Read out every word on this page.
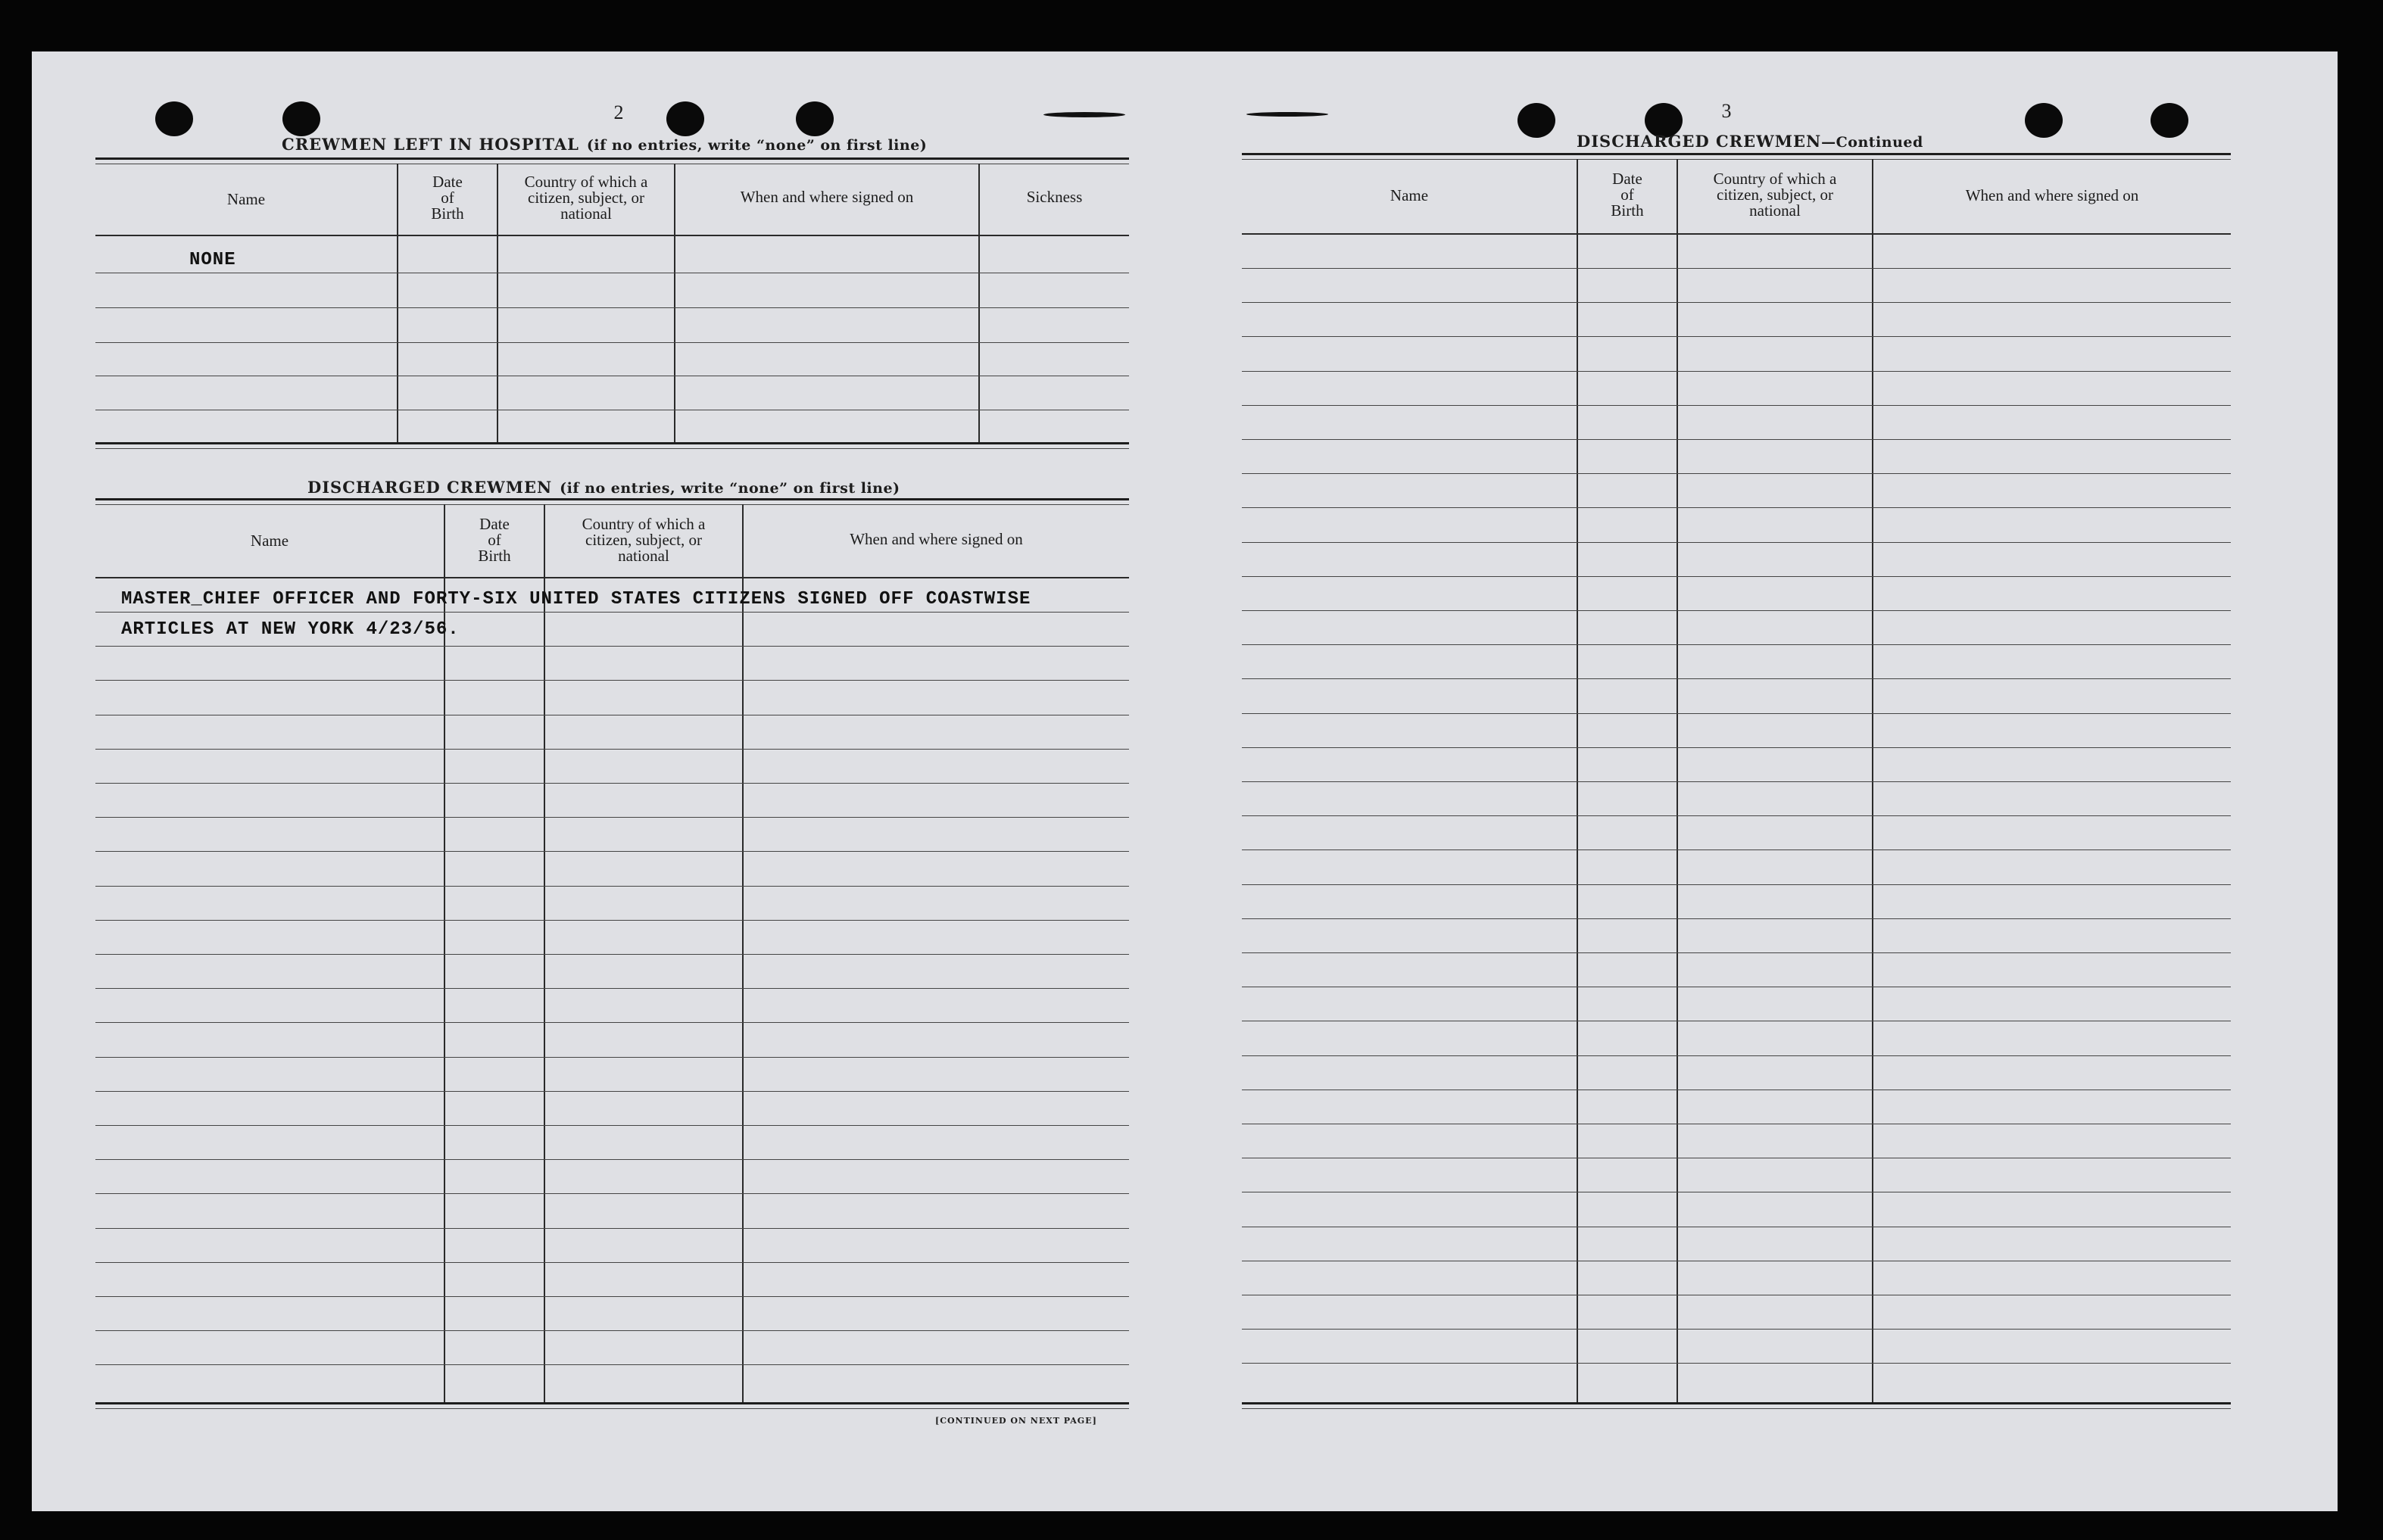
2
CREWMEN LEFT IN HOSPITAL (if no entries, write “none” on first line)
Name
Date
of
Birth
Country of which a
citizen, subject, or
national
When and where signed on	Sickness
NONE
DISCHARGED CREWMEN (if no entries, write “none” on first line)
Name
Date
of
Birth
Country of which a
citizen, subject, or
national
When and where signed on
MASTER_CHIEF OFFICER AND FORTY-SIX UNITED STATES CITIZENS SIGNED OFF COASTWISE
ARTICLES AT NEW YORK 4/23/56.
[CONTINUED ON NEXT PAGE]
3
DISCHARGED CREWMEN—Continued
Name
Date
of
Birth
Country of which a
citizen, subject, or
national
When and where signed on
